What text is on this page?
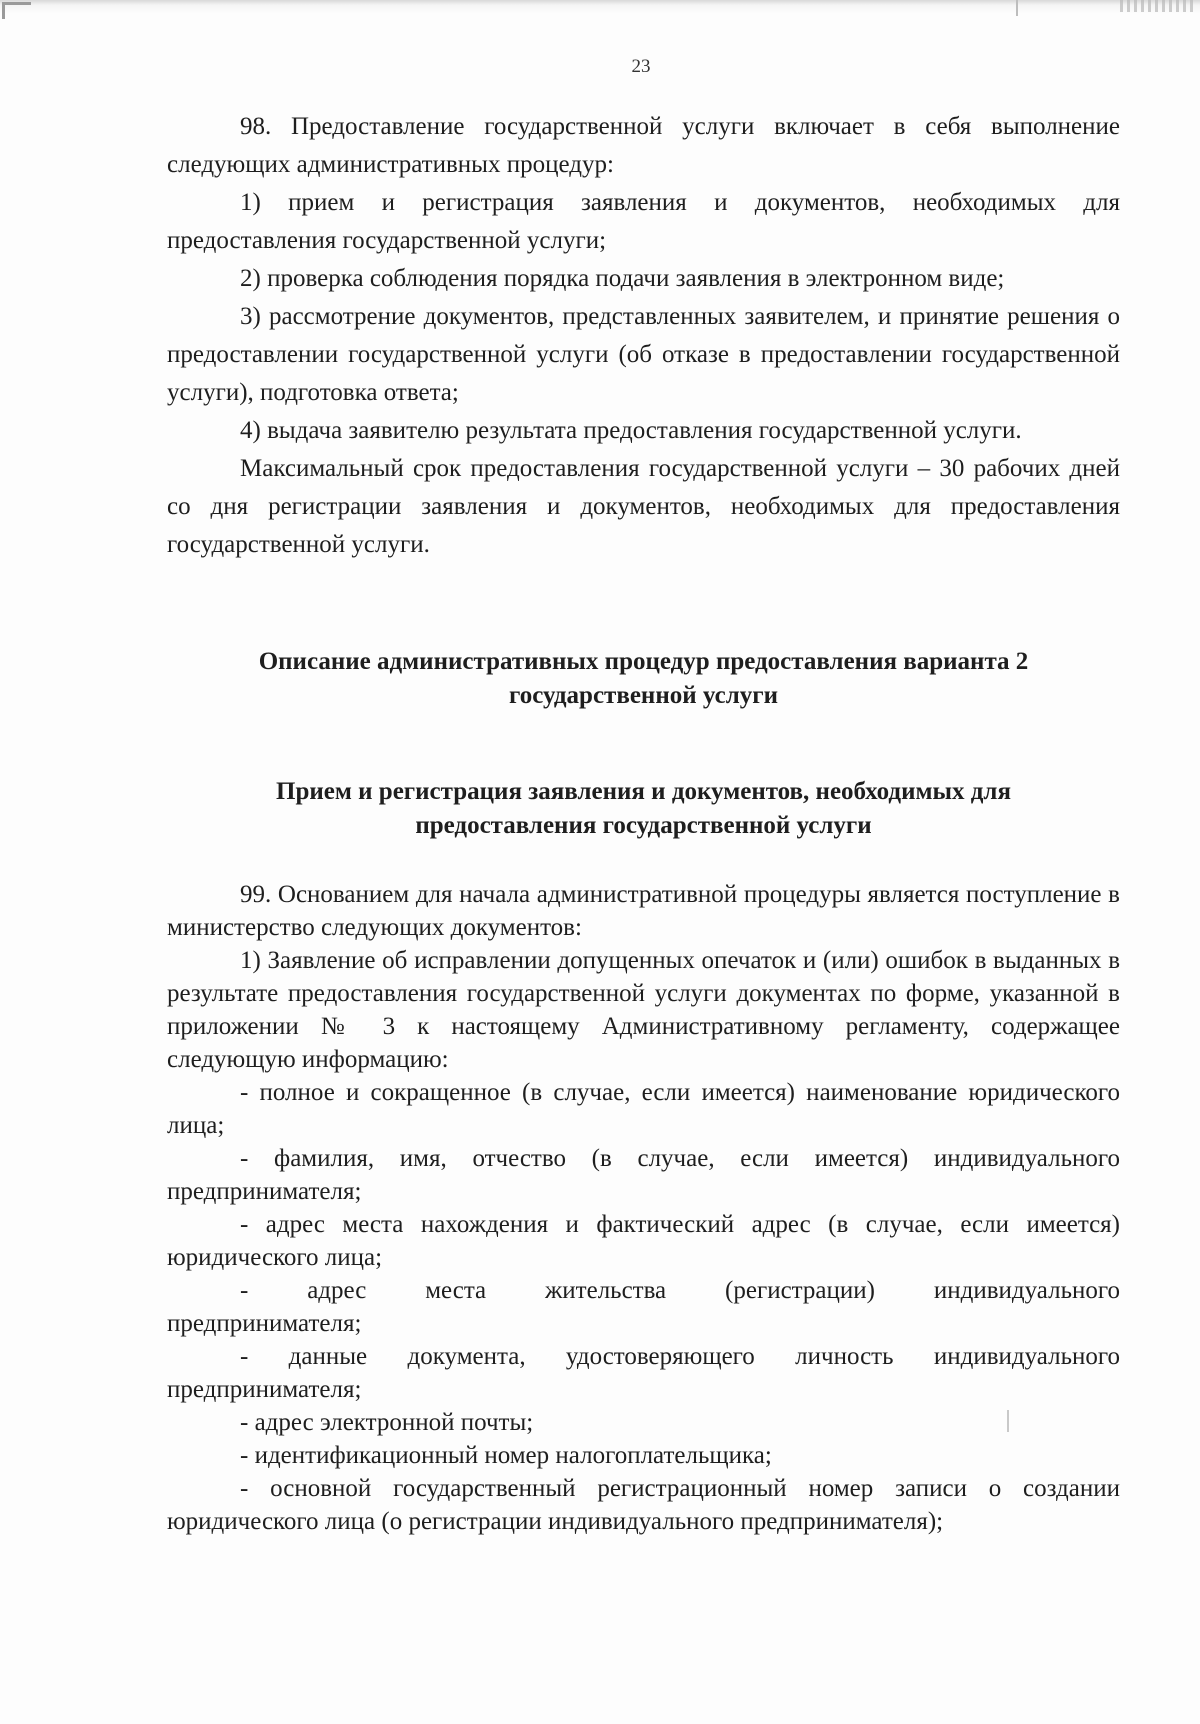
23

98. Предоставление государственной услуги включает в себя выполнение следующих административных процедур:

1) прием и регистрация заявления и документов, необходимых для предоставления государственной услуги;

2) проверка соблюдения порядка подачи заявления в электронном виде;

3) рассмотрение документов, представленных заявителем, и принятие решения о предоставлении государственной услуги (об отказе в предоставлении государственной услуги), подготовка ответа;

4) выдача заявителю результата предоставления государственной услуги.

Максимальный срок предоставления государственной услуги – 30 рабочих дней со дня регистрации заявления и документов, необходимых для предоставления государственной услуги.

Описание административных процедур предоставления варианта 2

государственной услуги

Прием и регистрация заявления и документов, необходимых для

предоставления государственной услуги

99. Основанием для начала административной процедуры является поступление в министерство следующих документов:

1) Заявление об исправлении допущенных опечаток и (или) ошибок в выданных в результате предоставления государственной услуги документах по форме, указанной в приложении № 3 к настоящему Административному регламенту, содержащее следующую информацию:

- полное и сокращенное (в случае, если имеется) наименование юридического лица;

- фамилия, имя, отчество (в случае, если имеется) индивидуального предпринимателя;

- адрес места нахождения и фактический адрес (в случае, если имеется) юридического лица;

- адрес места жительства (регистрации) индивидуального
предпринимателя;

- данные документа, удостоверяющего личность индивидуального предпринимателя;

- адрес электронной почты;

- идентификационный номер налогоплательщика;

- основной государственный регистрационный номер записи о создании юридического лица (о регистрации индивидуального предпринимателя);
